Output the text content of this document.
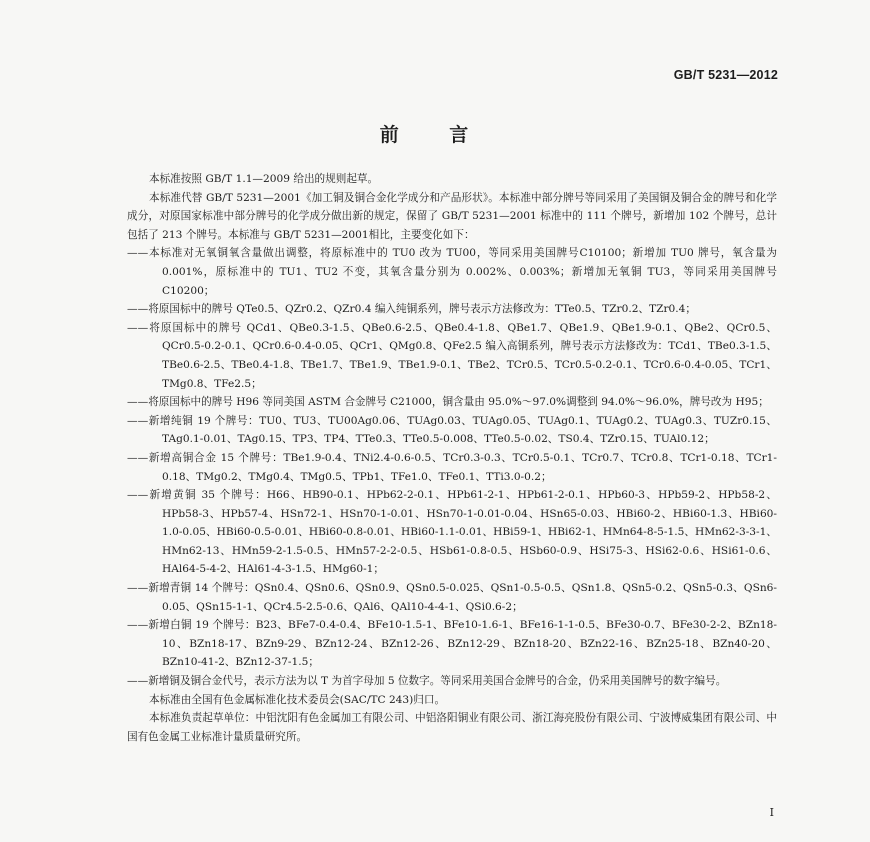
GB/T 5231—2012
前 言

本标准按照 GB/T 1.1—2009 给出的规则起草。

本标准代替 GB/T 5231—2001《加工铜及铜合金化学成分和产品形状》。本标准中部分牌号等同采用了美国铜及铜合金的牌号和化学成分，对原国家标准中部分牌号的化学成分做出新的规定，保留了 GB/T 5231—2001 标准中的 111 个牌号，新增加 102 个牌号，总计包括了 213 个牌号。本标准与 GB/T 5231—2001相比，主要变化如下：

——本标准对无氧铜氧含量做出调整，将原标准中的 TU0 改为 TU00，等同采用美国牌号C10100；新增加 TU0 牌号，氧含量为 0.001%，原标准中的 TU1、TU2 不变，其氧含量分别为 0.002%、0.003%；新增加无氧铜 TU3，等同采用美国牌号 C10200；

——将原国标中的牌号 QTe0.5、QZr0.2、QZr0.4 编入纯铜系列，牌号表示方法修改为：TTe0.5、TZr0.2、TZr0.4；

——将原国标中的牌号 QCd1、QBe0.3-1.5、QBe0.6-2.5、QBe0.4-1.8、QBe1.7、QBe1.9、QBe1.9-0.1、QBe2、QCr0.5、QCr0.5-0.2-0.1、QCr0.6-0.4-0.05、QCr1、QMg0.8、QFe2.5 编入高铜系列，牌号表示方法修改为：TCd1、TBe0.3-1.5、TBe0.6-2.5、TBe0.4-1.8、TBe1.7、TBe1.9、TBe1.9-0.1、TBe2、TCr0.5、TCr0.5-0.2-0.1、TCr0.6-0.4-0.05、TCr1、TMg0.8、TFe2.5；

——将原国标中的牌号 H96 等同美国 ASTM 合金牌号 C21000，铜含量由 95.0%～97.0%调整到 94.0%～96.0%，牌号改为 H95；

——新增纯铜 19 个牌号：TU0、TU3、TU00Ag0.06、TUAg0.03、TUAg0.05、TUAg0.1、TUAg0.2、TUAg0.3、TUZr0.15、TAg0.1-0.01、TAg0.15、TP3、TP4、TTe0.3、TTe0.5-0.008、TTe0.5-0.02、TS0.4、TZr0.15、TUAl0.12；

——新增高铜合金 15 个牌号：TBe1.9-0.4、TNi2.4-0.6-0.5、TCr0.3-0.3、TCr0.5-0.1、TCr0.7、TCr0.8、TCr1-0.18、TCr1-0.18、TMg0.2、TMg0.4、TMg0.5、TPb1、TFe1.0、TFe0.1、TTi3.0-0.2；

——新增黄铜 35 个牌号：H66、HB90-0.1、HPb62-2-0.1、HPb61-2-1、HPb61-2-0.1、HPb60-3、HPb59-2、HPb58-2、HPb58-3、HPb57-4、HSn72-1、HSn70-1-0.01、HSn70-1-0.01-0.04、HSn65-0.03、HBi60-2、HBi60-1.3、HBi60-1.0-0.05、HBi60-0.5-0.01、HBi60-0.8-0.01、HBi60-1.1-0.01、HBi59-1、HBi62-1、HMn64-8-5-1.5、HMn62-3-3-1、HMn62-13、HMn59-2-1.5-0.5、HMn57-2-2-0.5、HSb61-0.8-0.5、HSb60-0.9、HSi75-3、HSi62-0.6、HSi61-0.6、HAl64-5-4-2、HAl61-4-3-1.5、HMg60-1；

——新增青铜 14 个牌号：QSn0.4、QSn0.6、QSn0.9、QSn0.5-0.025、QSn1-0.5-0.5、QSn1.8、QSn5-0.2、QSn5-0.3、QSn6-0.05、QSn15-1-1、QCr4.5-2.5-0.6、QAl6、QAl10-4-4-1、QSi0.6-2；

——新增白铜 19 个牌号：B23、BFe7-0.4-0.4、BFe10-1.5-1、BFe10-1.6-1、BFe16-1-1-0.5、BFe30-0.7、BFe30-2-2、BZn18-10、BZn18-17、BZn9-29、BZn12-24、BZn12-26、BZn12-29、BZn18-20、BZn22-16、BZn25-18、BZn40-20、BZn10-41-2、BZn12-37-1.5；

——新增铜及铜合金代号，表示方法为以 T 为首字母加 5 位数字。等同采用美国合金牌号的合金，仍采用美国牌号的数字编号。

本标准由全国有色金属标准化技术委员会(SAC/TC 243)归口。

本标准负责起草单位：中铝沈阳有色金属加工有限公司、中铝洛阳铜业有限公司、浙江海亮股份有限公司、宁波博威集团有限公司、中国有色金属工业标准计量质量研究所。

I
